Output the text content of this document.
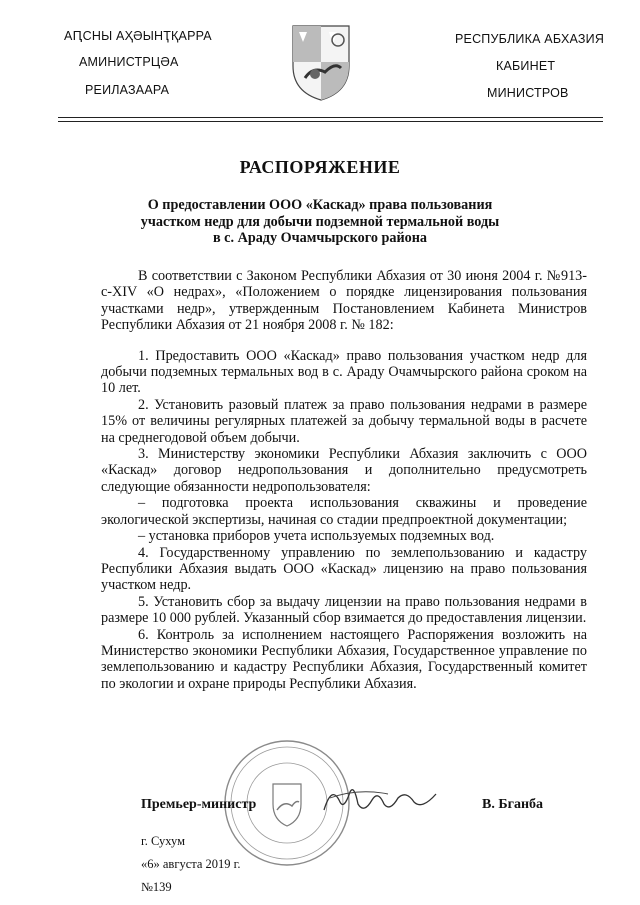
АԤСНЫ АҲӘЫНҬҚАРРА
АМИНИСТРЦӘА
РЕИЛАЗААРА
РЕСПУБЛИКА АБХАЗИЯ
КАБИНЕТ
МИНИСТРОВ
РАСПОРЯЖЕНИЕ
О предоставлении ООО «Каскад» права пользования
участком недр для добычи подземной термальной воды
в с. Араду Очамчырского района

В соответствии с Законом Республики Абхазия от 30 июня 2004 г. №913-с-XIV «О недрах», «Положением о порядке лицензирования пользования участками недр», утвержденным Постановлением Кабинета Министров Республики Абхазия от 21 ноября 2008 г. № 182:

1. Предоставить ООО «Каскад» право пользования участком недр для добычи подземных термальных вод в с. Араду Очамчырского района сроком на 10 лет.

2. Установить разовый платеж за право пользования недрами в размере 15% от величины регулярных платежей за добычу термальной воды в расчете на среднегодовой объем добычи.

3. Министерству экономики Республики Абхазия заключить с ООО «Каскад» договор недропользования и дополнительно предусмотреть следующие обязанности недропользователя:

– подготовка проекта использования скважины и проведение экологической экспертизы, начиная со стадии предпроектной документации;

– установка приборов учета используемых подземных вод.

4. Государственному управлению по землепользованию и кадастру Республики Абхазия выдать ООО «Каскад» лицензию на право пользования участком недр.

5. Установить сбор за выдачу лицензии на право пользования недрами в размере 10 000 рублей. Указанный сбор взимается до предоставления лицензии.

6. Контроль за исполнением настоящего Распоряжения возложить на Министерство экономики Республики Абхазия, Государственное управление по землепользованию и кадастру Республики Абхазия, Государственный комитет по экологии и охране природы Республики Абхазия.

Премьер-министр	В. Бганба
г. Сухум
«6» августа 2019 г.
№139
